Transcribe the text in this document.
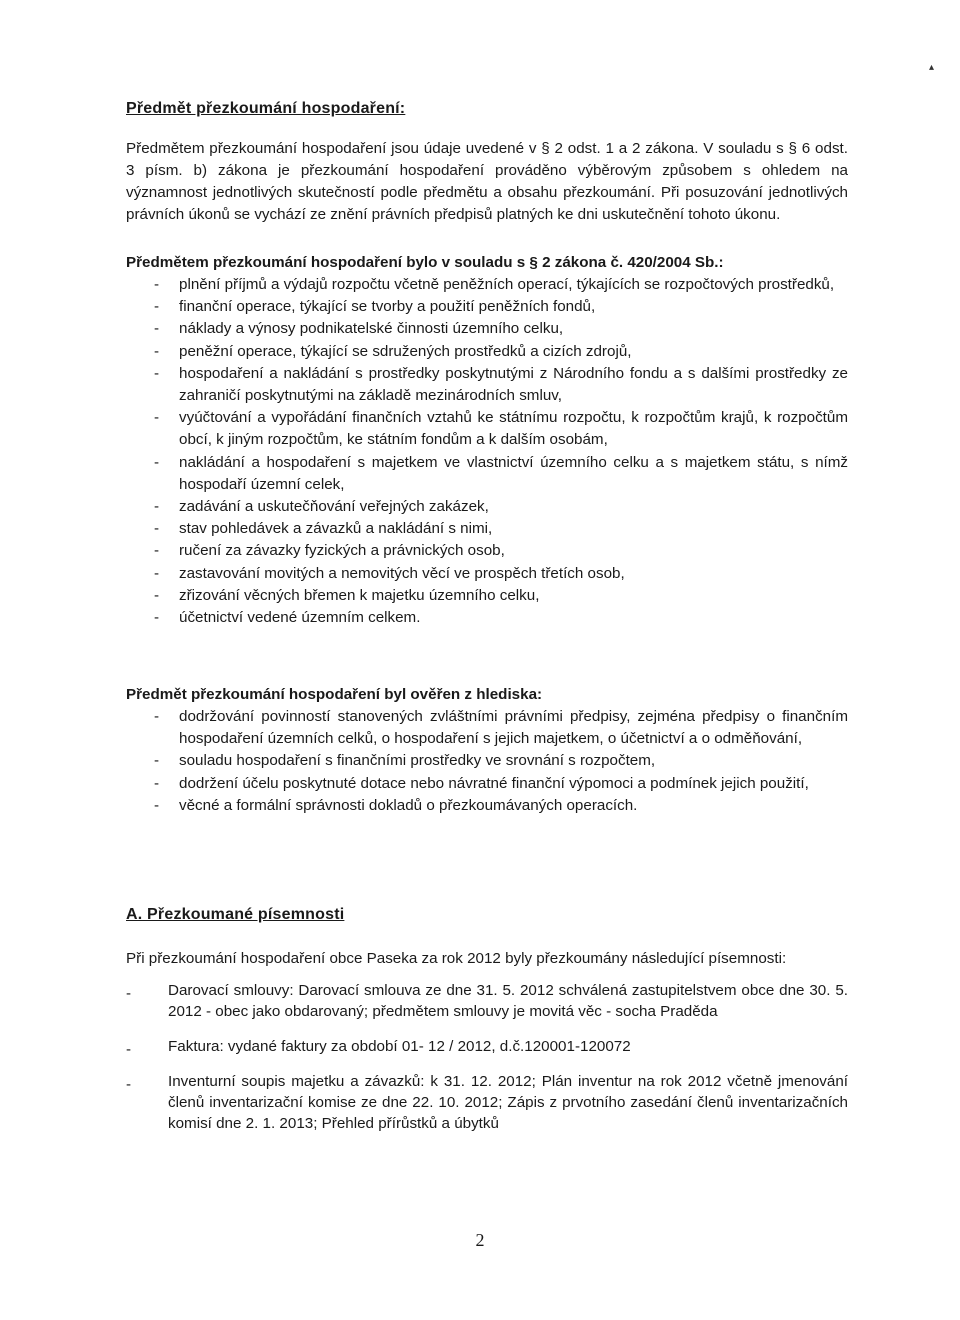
▴
Předmět přezkoumání hospodaření:

Předmětem přezkoumání hospodaření jsou údaje uvedené v § 2 odst. 1 a 2 zákona. V souladu s § 6 odst. 3 písm. b) zákona je přezkoumání hospodaření prováděno výběrovým způsobem s ohledem na významnost jednotlivých skutečností podle předmětu a obsahu přezkoumání. Při posuzování jednotlivých právních úkonů se vychází ze znění právních předpisů platných ke dni uskutečnění tohoto úkonu.

Předmětem přezkoumání hospodaření bylo v souladu s § 2 zákona č. 420/2004 Sb.:
- plnění příjmů a výdajů rozpočtu včetně peněžních operací, týkajících se rozpočtových prostředků,
- finanční operace, týkající se tvorby a použití peněžních fondů,
- náklady a výnosy podnikatelské činnosti územního celku,
- peněžní operace, týkající se sdružených prostředků a cizích zdrojů,
- hospodaření a nakládání s prostředky poskytnutými z Národního fondu a s dalšími prostředky ze zahraničí poskytnutými na základě mezinárodních smluv,
- vyúčtování a vypořádání finančních vztahů ke státnímu rozpočtu, k rozpočtům krajů, k rozpočtům obcí, k jiným rozpočtům, ke státním fondům a k dalším osobám,
- nakládání a hospodaření s majetkem ve vlastnictví územního celku a s majetkem státu, s nímž hospodaří územní celek,
- zadávání a uskutečňování veřejných zakázek,
- stav pohledávek a závazků a nakládání s nimi,
- ručení za závazky fyzických a právnických osob,
- zastavování movitých a nemovitých věcí ve prospěch třetích osob,
- zřizování věcných břemen k majetku územního celku,
- účetnictví vedené územním celkem.
Předmět přezkoumání hospodaření byl ověřen z hlediska:
- dodržování povinností stanovených zvláštními právními předpisy, zejména předpisy o finančním hospodaření územních celků, o hospodaření s jejich majetkem, o účetnictví a o odměňování,
- souladu hospodaření s finančními prostředky ve srovnání s rozpočtem,
- dodržení účelu poskytnuté dotace nebo návratné finanční výpomoci a podmínek jejich použití,
- věcné a formální správnosti dokladů o přezkoumávaných operacích.
A. Přezkoumané písemnosti

Při přezkoumání hospodaření obce Paseka za rok 2012 byly přezkoumány následující písemnosti:

- Darovací smlouvy: Darovací smlouva ze dne 31. 5. 2012 schválená zastupitelstvem obce dne 30. 5. 2012 - obec jako obdarovaný; předmětem smlouvy je movitá věc - socha Praděda
- Faktura: vydané faktury za období 01- 12 / 2012, d.č.120001-120072
- Inventurní soupis majetku a závazků: k 31. 12. 2012; Plán inventur na rok 2012 včetně jmenování členů inventarizační komise ze dne 22. 10. 2012; Zápis z prvotního zasedání členů inventarizačních komisí dne 2. 1. 2013; Přehled přírůstků a úbytků
2
